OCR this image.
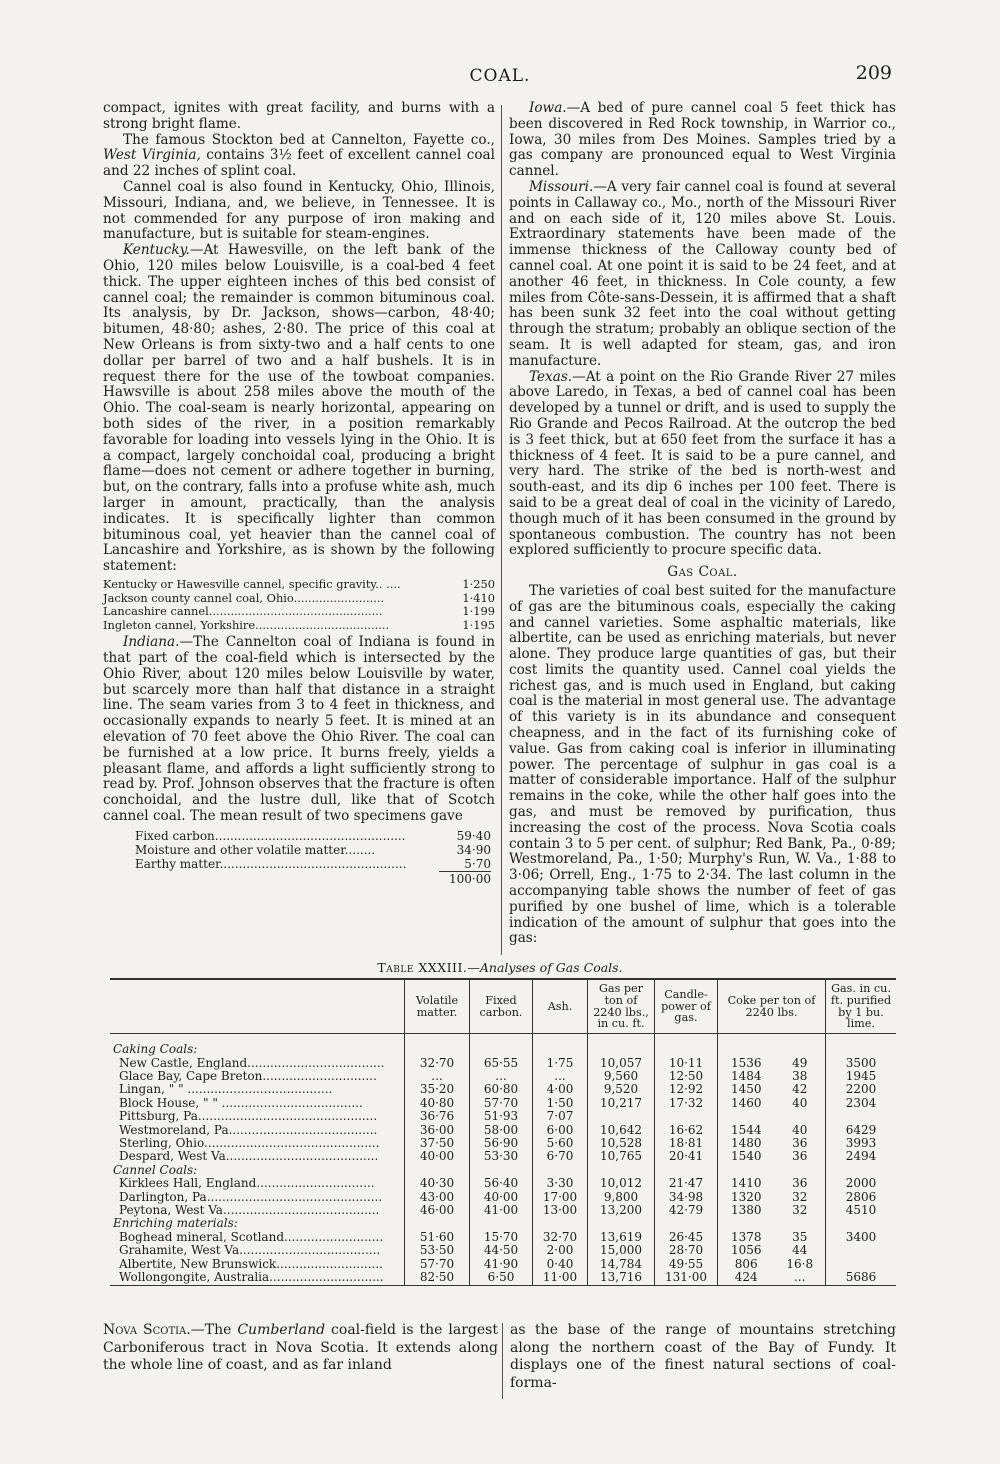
COAL.	209

compact, ignites with great facility, and burns with a strong bright flame.

The famous Stockton bed at Cannelton, Fayette co., West Virginia, contains 3½ feet of excellent cannel coal and 22 inches of splint coal.

Cannel coal is also found in Kentucky, Ohio, Illinois, Missouri, Indiana, and, we believe, in Tennessee. It is not commended for any purpose of iron making and manufacture, but is suitable for steam-engines.

Kentucky.—At Hawesville, on the left bank of the Ohio, 120 miles below Louisville, is a coal-bed 4 feet thick. The upper eighteen inches of this bed consist of cannel coal; the remainder is common bituminous coal. Its analysis, by Dr. Jackson, shows—carbon, 48·40; bitumen, 48·80; ashes, 2·80. The price of this coal at New Orleans is from sixty-two and a half cents to one dollar per barrel of two and a half bushels. It is in request there for the use of the towboat companies. Hawsville is about 258 miles above the mouth of the Ohio. The coal-seam is nearly horizontal, appearing on both sides of the river, in a position remarkably favorable for loading into vessels lying in the Ohio. It is a compact, largely conchoidal coal, producing a bright flame—does not cement or adhere together in burning, but, on the contrary, falls into a profuse white ash, much larger in amount, practically, than the analysis indicates. It is specifically lighter than common bituminous coal, yet heavier than the cannel coal of Lancashire and Yorkshire, as is shown by the following statement:

Kentucky or Hawesville cannel, specific gravity.. ....	1·250
Jackson county cannel coal, Ohio.........................	1·410
Lancashire cannel................................................	1·199
Ingleton cannel, Yorkshire.....................................	1·195

Indiana.—The Cannelton coal of Indiana is found in that part of the coal-field which is intersected by the Ohio River, about 120 miles below Louisville by water, but scarcely more than half that distance in a straight line. The seam varies from 3 to 4 feet in thickness, and occasionally expands to nearly 5 feet. It is mined at an elevation of 70 feet above the Ohio River. The coal can be furnished at a low price. It burns freely, yields a pleasant flame, and affords a light sufficiently strong to read by. Prof. Johnson observes that the fracture is often conchoidal, and the lustre dull, like that of Scotch cannel coal. The mean result of two specimens gave

Fixed carbon..................................................	59·40
Moisture and other volatile matter........	34·90
Earthy matter.................................................	5·70
	100·00

Iowa.—A bed of pure cannel coal 5 feet thick has been discovered in Red Rock township, in Warrior co., Iowa, 30 miles from Des Moines. Samples tried by a gas company are pronounced equal to West Virginia cannel.

Missouri.—A very fair cannel coal is found at several points in Callaway co., Mo., north of the Missouri River and on each side of it, 120 miles above St. Louis. Extraordinary statements have been made of the immense thickness of the Calloway county bed of cannel coal. At one point it is said to be 24 feet, and at another 46 feet, in thickness. In Cole county, a few miles from Côte-sans-Dessein, it is affirmed that a shaft has been sunk 32 feet into the coal without getting through the stratum; probably an oblique section of the seam. It is well adapted for steam, gas, and iron manufacture.

Texas.—At a point on the Rio Grande River 27 miles above Laredo, in Texas, a bed of cannel coal has been developed by a tunnel or drift, and is used to supply the Rio Grande and Pecos Railroad. At the outcrop the bed is 3 feet thick, but at 650 feet from the surface it has a thickness of 4 feet. It is said to be a pure cannel, and very hard. The strike of the bed is north-west and south-east, and its dip 6 inches per 100 feet. There is said to be a great deal of coal in the vicinity of Laredo, though much of it has been consumed in the ground by spontaneous combustion. The country has not been explored sufficiently to procure specific data.

Gas Coal.

The varieties of coal best suited for the manufacture of gas are the bituminous coals, especially the caking and cannel varieties. Some asphaltic materials, like albertite, can be used as enriching materials, but never alone. They produce large quantities of gas, but their cost limits the quantity used. Cannel coal yields the richest gas, and is much used in England, but caking coal is the material in most general use. The advantage of this variety is in its abundance and consequent cheapness, and in the fact of its furnishing coke of value. Gas from caking coal is inferior in illuminating power. The percentage of sulphur in gas coal is a matter of considerable importance. Half of the sulphur remains in the coke, while the other half goes into the gas, and must be removed by purification, thus increasing the cost of the process. Nova Scotia coals contain 3 to 5 per cent. of sulphur; Red Bank, Pa., 0·89; Westmoreland, Pa., 1·50; Murphy's Run, W. Va., 1·88 to 3·06; Orrell, Eng., 1·75 to 2·34. The last column in the accompanying table shows the number of feet of gas purified by one bushel of lime, which is a tolerable indication of the amount of sulphur that goes into the gas:

Table XXXIII.—Analyses of Gas Coals.
	Volatile matter.	Fixed carbon.	Ash.	Gas per ton of 2240 lbs., in cu. ft.	Candle-power of gas.	Coke per ton of 2240 lbs.		Gas. in cu. ft. purified by 1 bu. lime.
Caking Coals:								
New Castle, England....................................	32·70	65·55	1·75	10,057	10·11	1536	49	3500
Glace Bay, Cape Breton..............................	...	...	...	9,560	12·50	1484	38	1945
Lingan, " " ......................................	35·20	60·80	4·00	9,520	12·92	1450	42	2200
Block House, " " .....................................	40·80	57·70	1·50	10,217	17·32	1460	40	2304
Pittsburg, Pa...............................................	36·76	51·93	7·07					
Westmoreland, Pa.......................................	36·00	58·00	6·00	10,642	16·62	1544	40	6429
Sterling, Ohio..............................................	37·50	56·90	5·60	10,528	18·81	1480	36	3993
Despard, West Va........................................	40·00	53·30	6·70	10,765	20·41	1540	36	2494
Cannel Coals:								
Kirklees Hall, England...............................	40·30	56·40	3·30	10,012	21·47	1410	36	2000
Darlington, Pa..............................................	43·00	40·00	17·00	9,800	34·98	1320	32	2806
Peytona, West Va.........................................	46·00	41·00	13·00	13,200	42·79	1380	32	4510
Enriching materials:								
Boghead mineral, Scotland..........................	51·60	15·70	32·70	13,619	26·45	1378	35	3400
Grahamite, West Va.....................................	53·50	44·50	2·00	15,000	28·70	1056	44	
Albertite, New Brunswick............................	57·70	41·90	0·40	14,784	49·55	806	16·8	
Wollongongite, Australia..............................	82·50	6·50	11·00	13,716	131·00	424	...	5686
Nova Scotia.—The Cumberland coal-field is the largest Carboniferous tract in Nova Scotia. It extends along the whole line of coast, and as far inland
as the base of the range of mountains stretching along the northern coast of the Bay of Fundy. It displays one of the finest natural sections of coal-forma-
